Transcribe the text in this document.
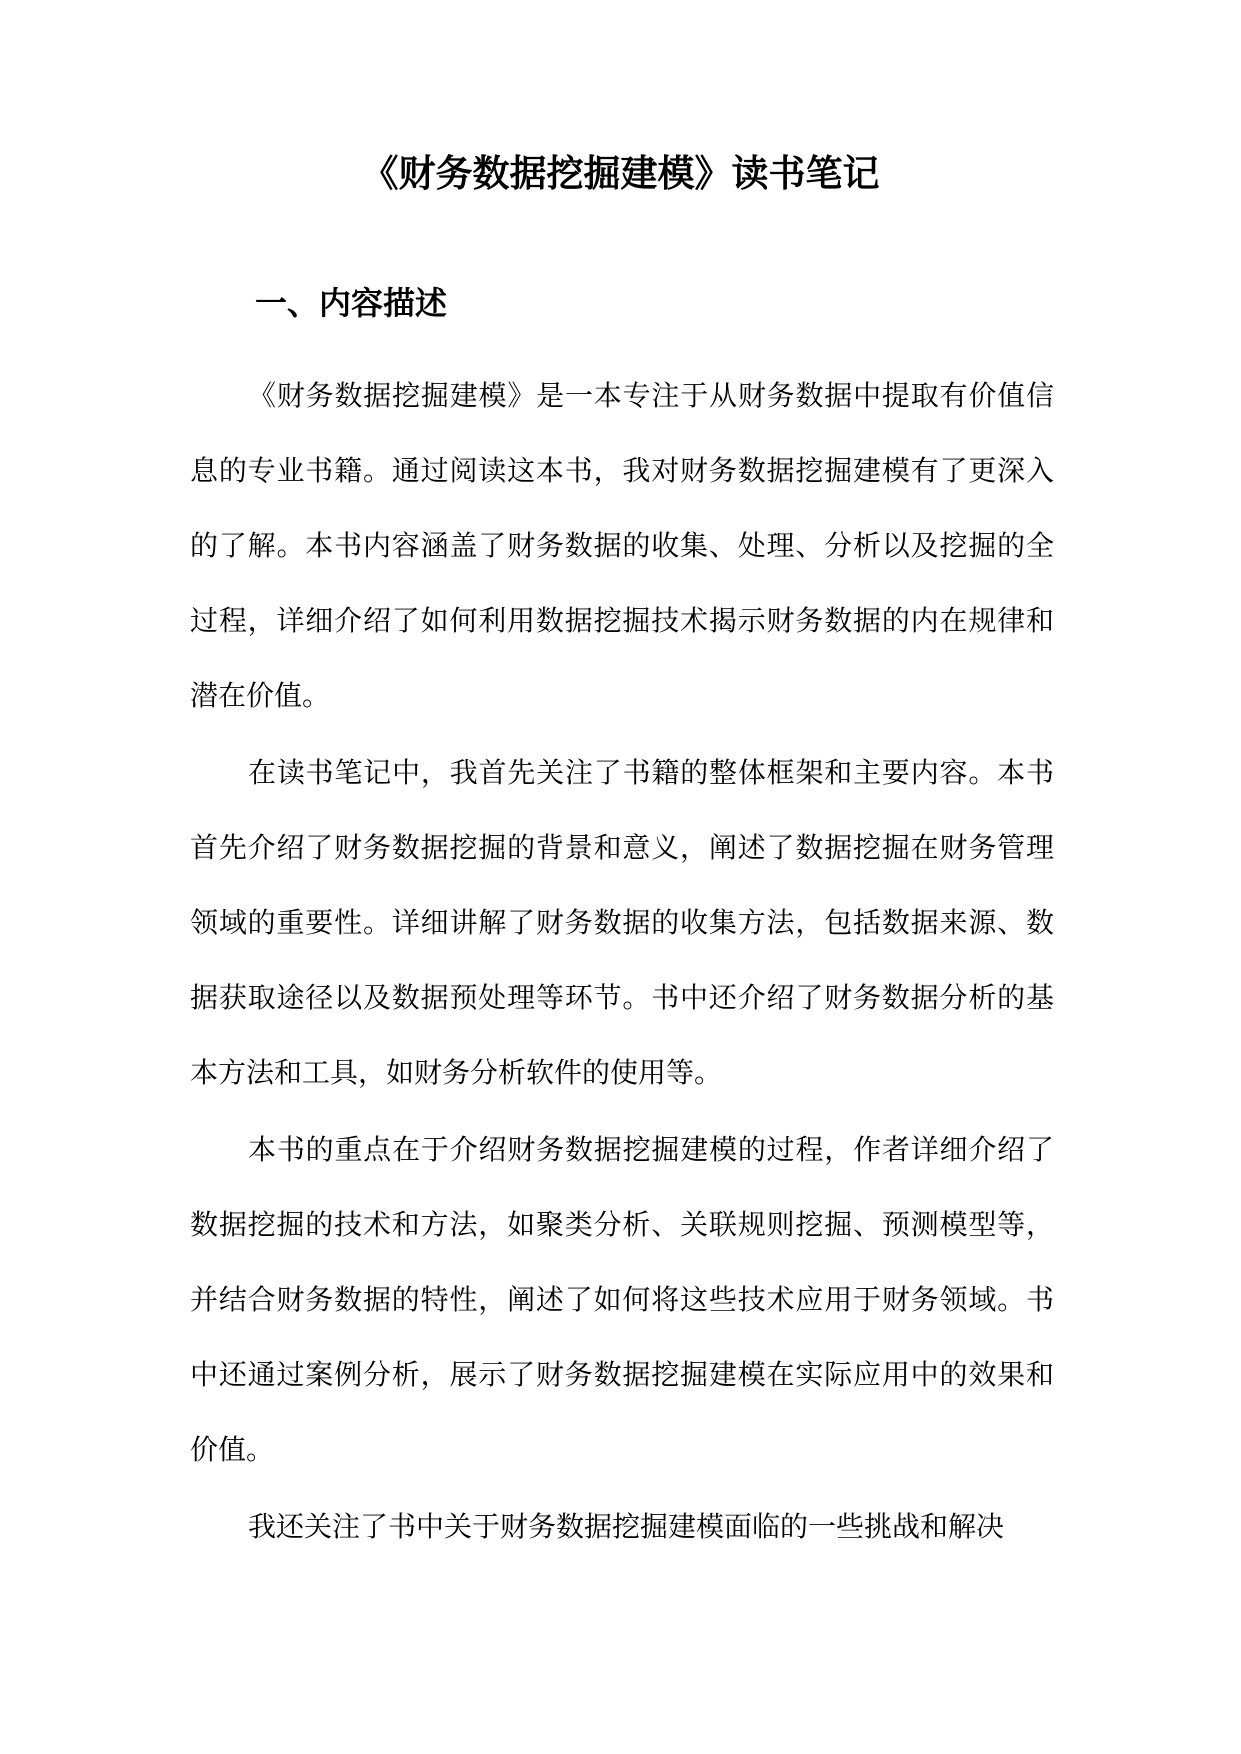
《财务数据挖掘建模》读书笔记
一、内容描述

《财务数据挖掘建模》是一本专注于从财务数据中提取有价值信息的专业书籍。通过阅读这本书，我对财务数据挖掘建模有了更深入的了解。本书内容涵盖了财务数据的收集、处理、分析以及挖掘的全过程，详细介绍了如何利用数据挖掘技术揭示财务数据的内在规律和潜在价值。

在读书笔记中，我首先关注了书籍的整体框架和主要内容。本书首先介绍了财务数据挖掘的背景和意义，阐述了数据挖掘在财务管理领域的重要性。详细讲解了财务数据的收集方法，包括数据来源、数据获取途径以及数据预处理等环节。书中还介绍了财务数据分析的基本方法和工具，如财务分析软件的使用等。

本书的重点在于介绍财务数据挖掘建模的过程，作者详细介绍了数据挖掘的技术和方法，如聚类分析、关联规则挖掘、预测模型等，并结合财务数据的特性，阐述了如何将这些技术应用于财务领域。书中还通过案例分析，展示了财务数据挖掘建模在实际应用中的效果和价值。

我还关注了书中关于财务数据挖掘建模面临的一些挑战和解决
